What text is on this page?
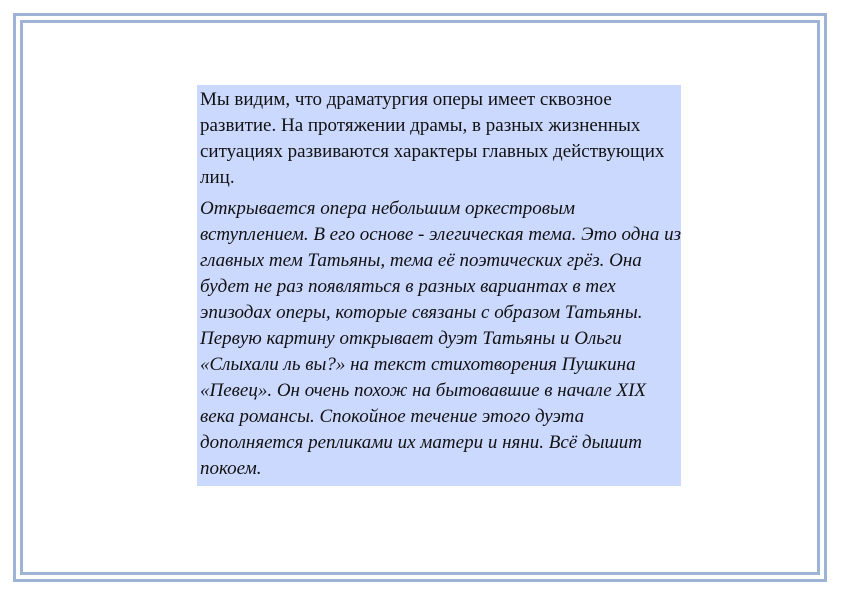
Мы видим, что драматургия оперы имеет сквозное развитие. На протяжении драмы, в разных жизненных ситуациях развиваются характеры главных действующих лиц.

Открывается опера небольшим оркестровым вступлением. В его основе - элегическая тема. Это одна из главных тем Татьяны, тема её поэтических грёз. Она будет не раз появляться в разных вариантах в тех эпизодах оперы, которые связаны с образом Татьяны.

Первую картину открывает дуэт Татьяны и Ольги «Слыхали ль вы?» на текст стихотворения Пушкина «Певец». Он очень похож на бытовавшие в начале XIX века романсы. Спокойное течение этого дуэта дополняется репликами их матери и няни. Всё дышит покоем.
